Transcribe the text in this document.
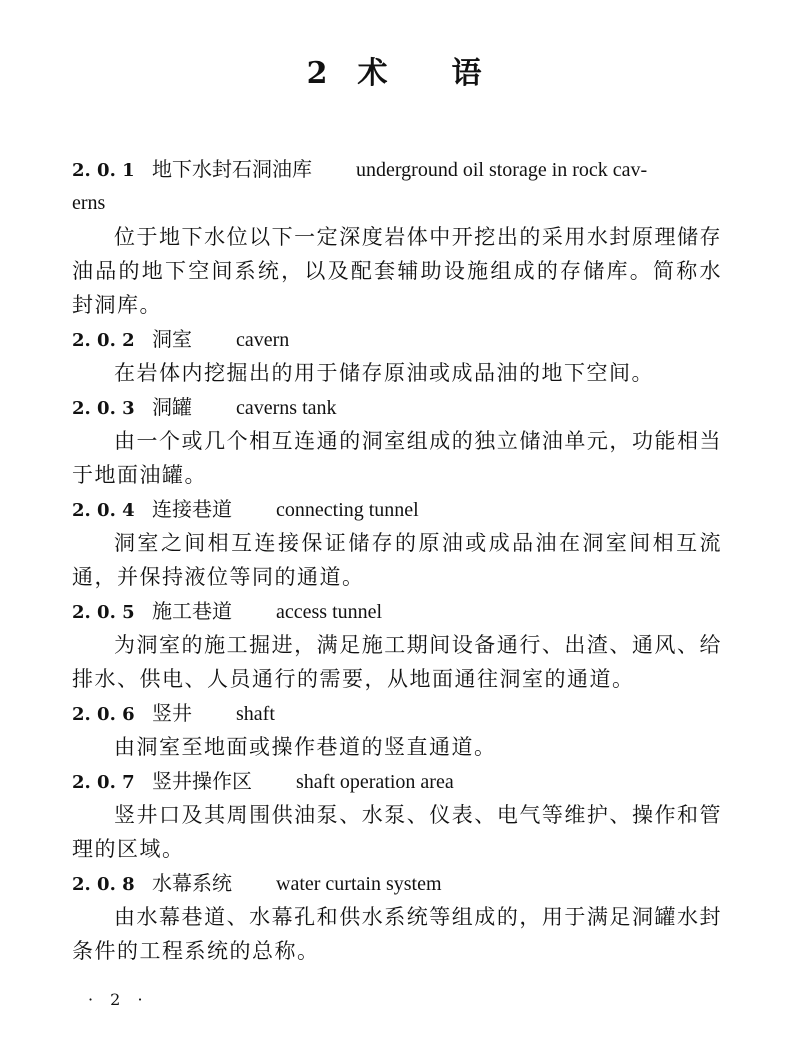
2 术 语
2. 0. 1 地下水封石洞油库 underground oil storage in rock cav-
erns

位于地下水位以下一定深度岩体中开挖出的采用水封原理储存油品的地下空间系统，以及配套辅助设施组成的存储库。简称水封洞库。

2. 0. 2 洞室 cavern

在岩体内挖掘出的用于储存原油或成品油的地下空间。

2. 0. 3 洞罐 caverns tank

由一个或几个相互连通的洞室组成的独立储油单元，功能相当于地面油罐。

2. 0. 4 连接巷道 connecting tunnel

洞室之间相互连接保证储存的原油或成品油在洞室间相互流通，并保持液位等同的通道。

2. 0. 5 施工巷道 access tunnel

为洞室的施工掘进，满足施工期间设备通行、出渣、通风、给排水、供电、人员通行的需要，从地面通往洞室的通道。

2. 0. 6 竖井 shaft

由洞室至地面或操作巷道的竖直通道。

2. 0. 7 竖井操作区 shaft operation area

竖井口及其周围供油泵、水泵、仪表、电气等维护、操作和管理的区域。

2. 0. 8 水幕系统 water curtain system

由水幕巷道、水幕孔和供水系统等组成的，用于满足洞罐水封条件的工程系统的总称。

· 2 ·
